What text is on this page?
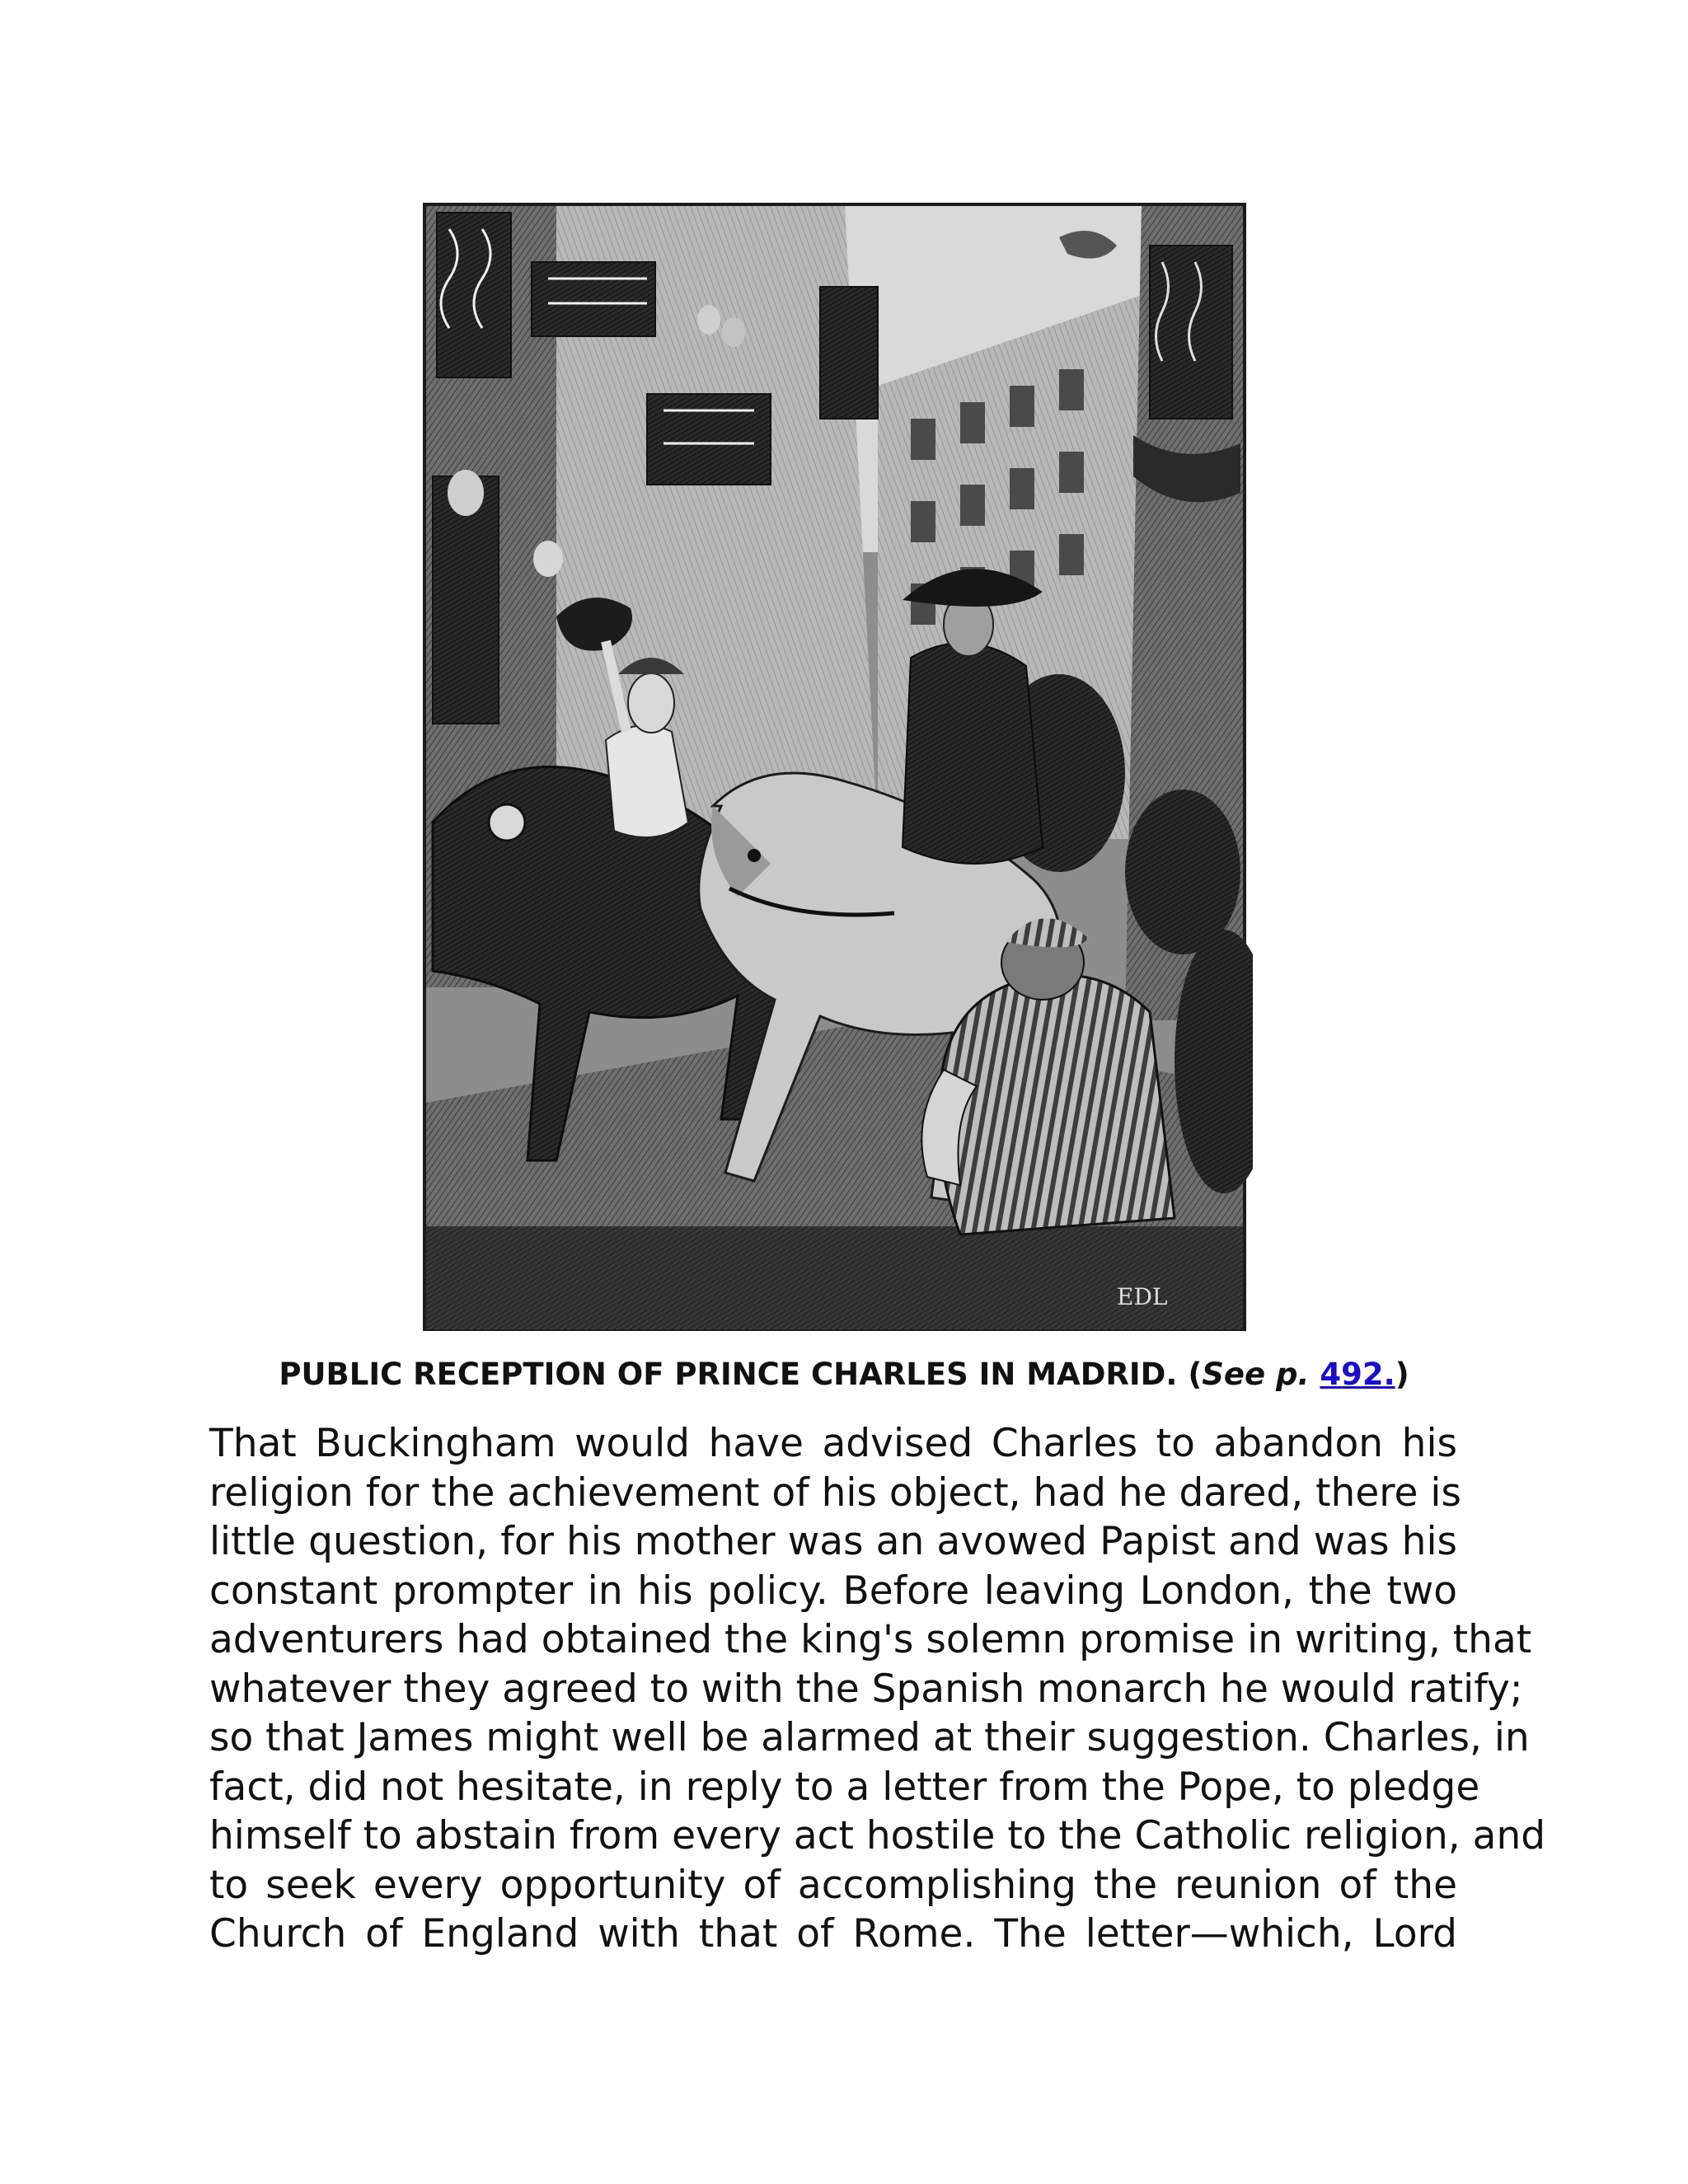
EDL
PUBLIC RECEPTION OF PRINCE CHARLES IN MADRID. (See p. 492.)
That Buckingham would have advised Charles to abandon his
religion for the achievement of his object, had he dared, there is
little question, for his mother was an avowed Papist and was his
constant prompter in his policy. Before leaving London, the two
adventurers had obtained the king's solemn promise in writing, that
whatever they agreed to with the Spanish monarch he would ratify;
so that James might well be alarmed at their suggestion. Charles, in
fact, did not hesitate, in reply to a letter from the Pope, to pledge
himself to abstain from every act hostile to the Catholic religion, and
to seek every opportunity of accomplishing the reunion of the
Church of England with that of Rome. The letter—which, Lord
